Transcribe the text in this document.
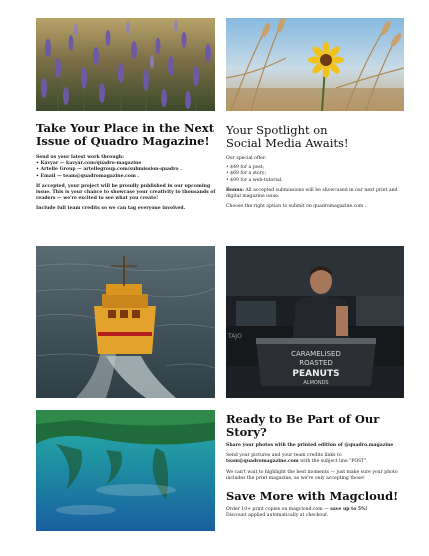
Take Your Place in the Next
Issue of Quadro Magazine!

Send us your latest work through:

• Kavyar — kavyar.com/quadro-magazine
• Artelle Group — artellegroup.com/submission-quadro .
• Email — team@quadromagazine.com .

If accepted, your project will be proudly published in our upcoming issue. This is your chance to showcase your creativity to thousands of readers — we're excited to see what you create!

Include full team credits so we can tag everyone involved.

Your Spotlight on
Social Media Awaits!

Our special offer:

• $49 for a post;
• $69 for a story;
• $99 for a web-tutorial.

Bonus: All accepted submissions will be showcased in our next print and digital magazine issue.

Choose the right option to submit on quadromagazine.com .

CARAMELISED
ROASTED
PEANUTS
ALMONDS
TAJO
Ready to Be Part of Our Story?

Share your photos with the printed edition of @quadro.magazine

Send your pictures and your team credits links to
team@quadromagazine.com with the subject line "POST".

We can't wait to highlight the best moments — just make sure your photo includes the print magazine, as we're only accepting those!

Save More with Magcloud!

Order 10+ print copies on magcloud.com — save up to 5%!

Discount applied automatically at checkout.
